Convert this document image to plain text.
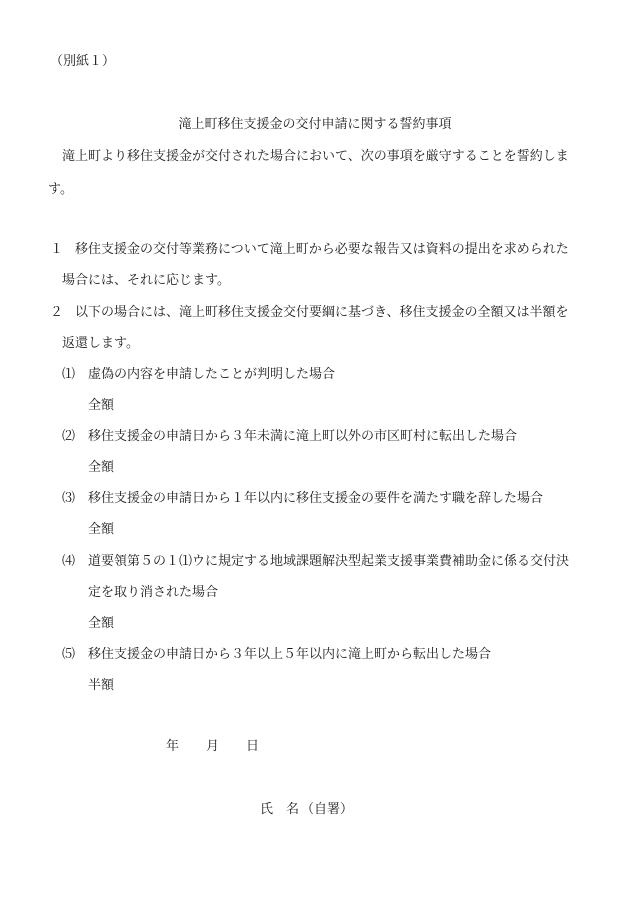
（別紙１）
滝上町移住支援金の交付申請に関する誓約事項
滝上町より移住支援金が交付された場合において、次の事項を厳守することを誓約しま
す。
１ 移住支援金の交付等業務について滝上町から必要な報告又は資料の提出を求められた
場合には、それに応じます。
２ 以下の場合には、滝上町移住支援金交付要綱に基づき、移住支援金の全額又は半額を
返還します。
⑴ 虚偽の内容を申請したことが判明した場合
全額
⑵ 移住支援金の申請日から３年未満に滝上町以外の市区町村に転出した場合
全額
⑶ 移住支援金の申請日から１年以内に移住支援金の要件を満たす職を辞した場合
全額
⑷ 道要領第５の１⑴ウに規定する地域課題解決型起業支援事業費補助金に係る交付決
定を取り消された場合
全額
⑸ 移住支援金の申請日から３年以上５年以内に滝上町から転出した場合
半額
年 月 日
氏　名 （自署）
